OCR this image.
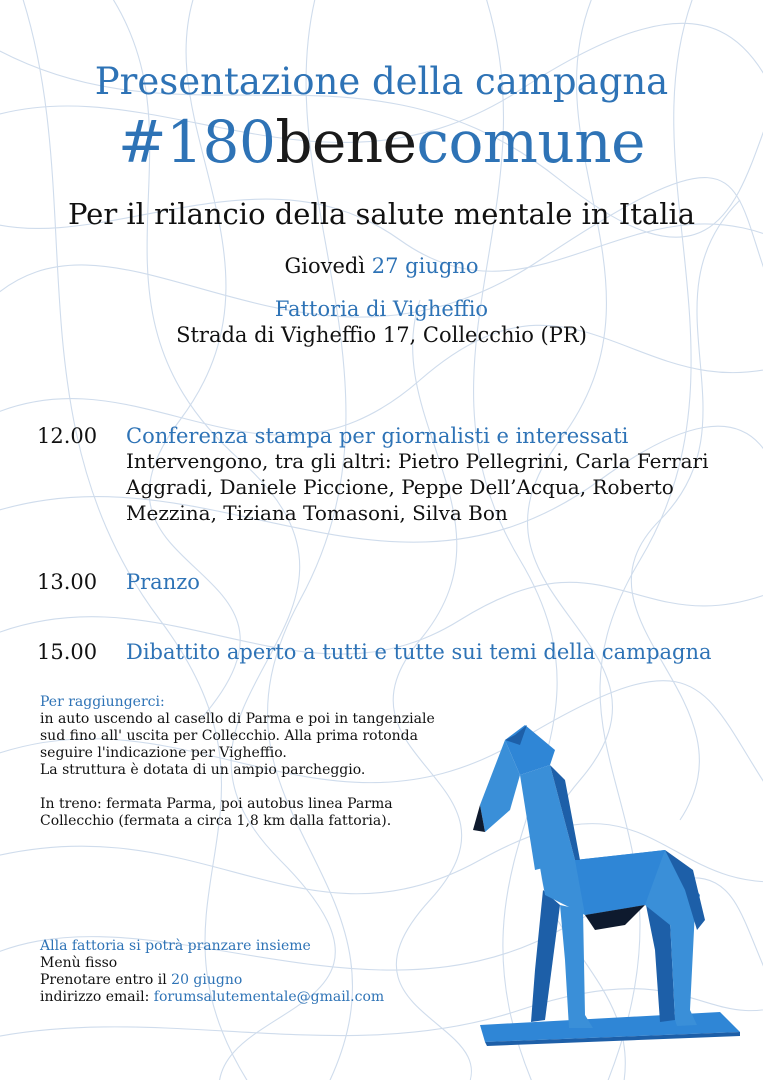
Presentazione della campagna
#180benecomune
Per il rilancio della salute mentale in Italia
Giovedì 27 giugno
Fattoria di Vigheffio
Strada di Vigheffio 17, Collecchio (PR)
12.00 Conferenza stampa per giornalisti e interessati
Intervengono, tra gli altri: Pietro Pellegrini, Carla Ferrari Aggradi, Daniele Piccione, Peppe Dell’Acqua, Roberto Mezzina, Tiziana Tomasoni, Silva Bon
13.00 Pranzo
15.00 Dibattito aperto a tutti e tutte sui temi della campagna
Per raggiungerci:
in auto uscendo al casello di Parma e poi in tangenziale
sud fino all' uscita per Collecchio. Alla prima rotonda
seguire l'indicazione per Vigheffio.
La struttura è dotata di un ampio parcheggio.
In treno: fermata Parma, poi autobus linea Parma
Collecchio (fermata a circa 1,8 km dalla fattoria).
Alla fattoria si potrà pranzare insieme
Menù fisso
Prenotare entro il 20 giugno
indirizzo email: forumsalutementale@gmail.com
